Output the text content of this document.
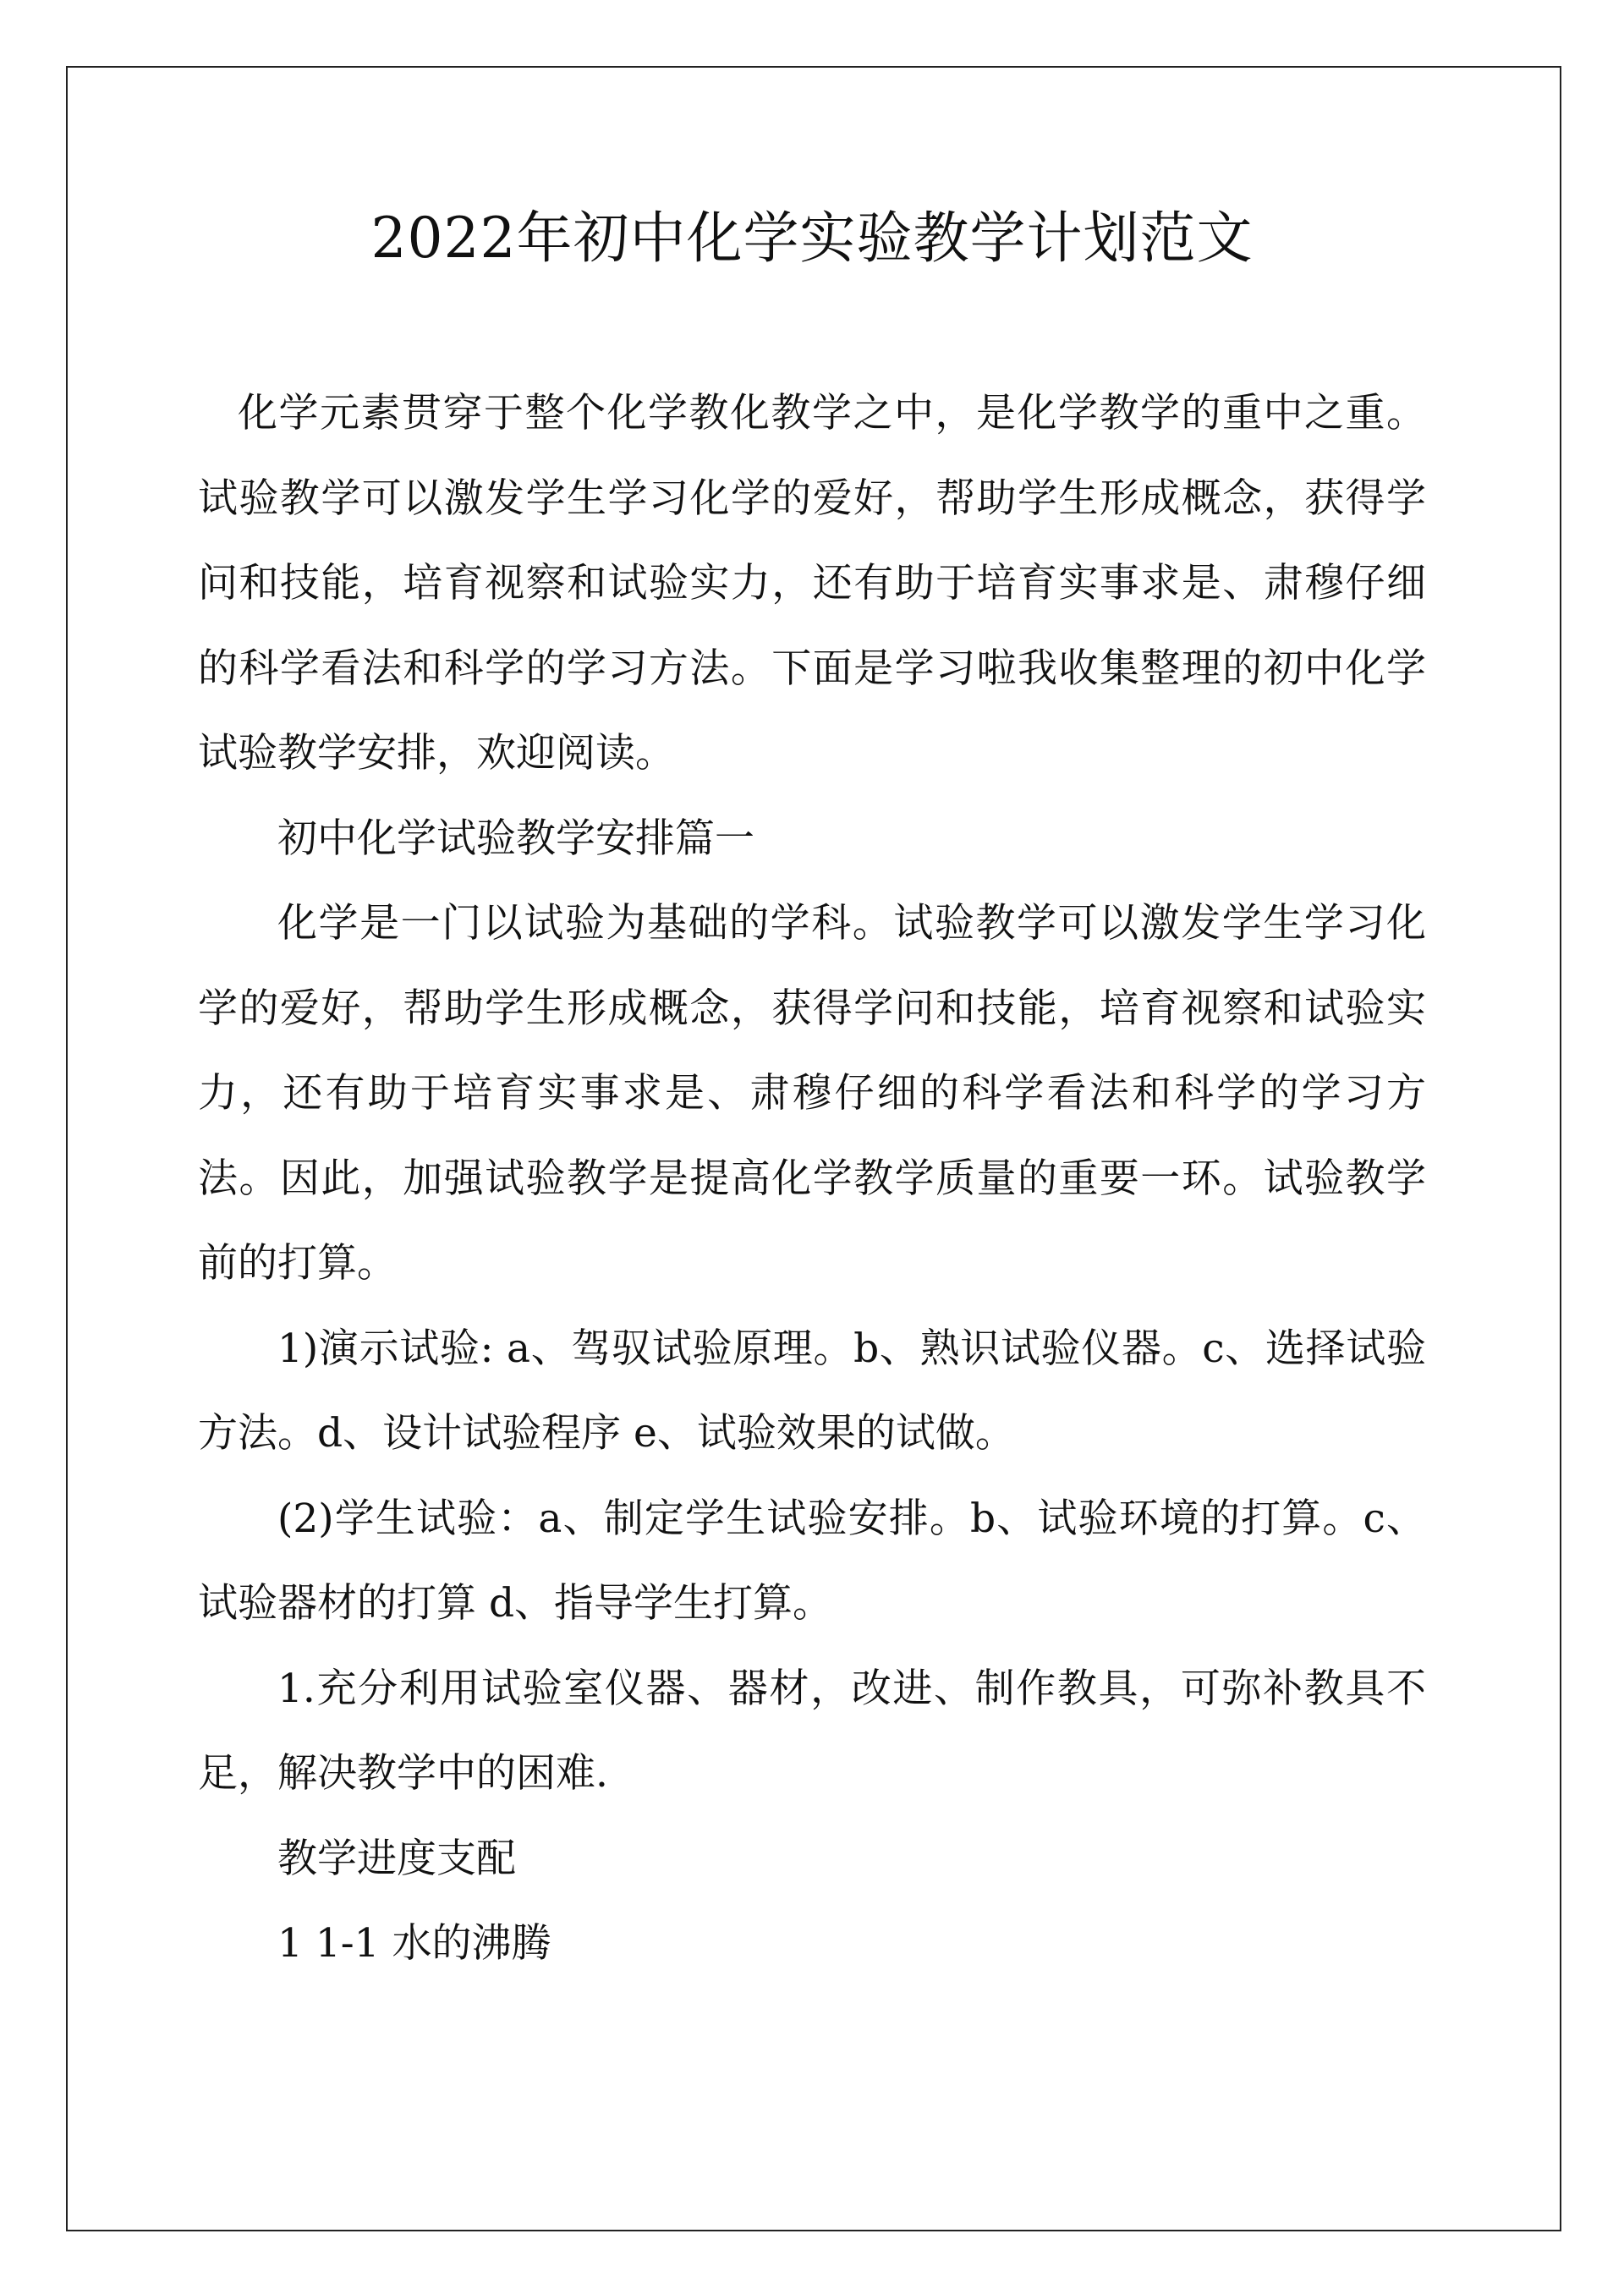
2022年初中化学实验教学计划范文

化学元素贯穿于整个化学教化教学之中，是化学教学的重中之重。试验教学可以激发学生学习化学的爱好，帮助学生形成概念，获得学问和技能，培育视察和试验实力，还有助于培育实事求是、肃穆仔细的科学看法和科学的学习方法。下面是学习啦我收集整理的初中化学试验教学安排，欢迎阅读。

初中化学试验教学安排篇一

化学是一门以试验为基础的学科。试验教学可以激发学生学习化学的爱好，帮助学生形成概念，获得学问和技能，培育视察和试验实力，还有助于培育实事求是、肃穆仔细的科学看法和科学的学习方法。因此，加强试验教学是提高化学教学质量的重要一环。试验教学前的打算。

1)演示试验: a、驾驭试验原理。b、熟识试验仪器。c、选择试验方法。d、设计试验程序 e、试验效果的试做。

(2)学生试验：a、制定学生试验安排。b、试验环境的打算。c、试验器材的打算 d、指导学生打算。

1.充分利用试验室仪器、器材，改进、制作教具，可弥补教具不足，解决教学中的困难.

教学进度支配

1 1-1 水的沸腾
